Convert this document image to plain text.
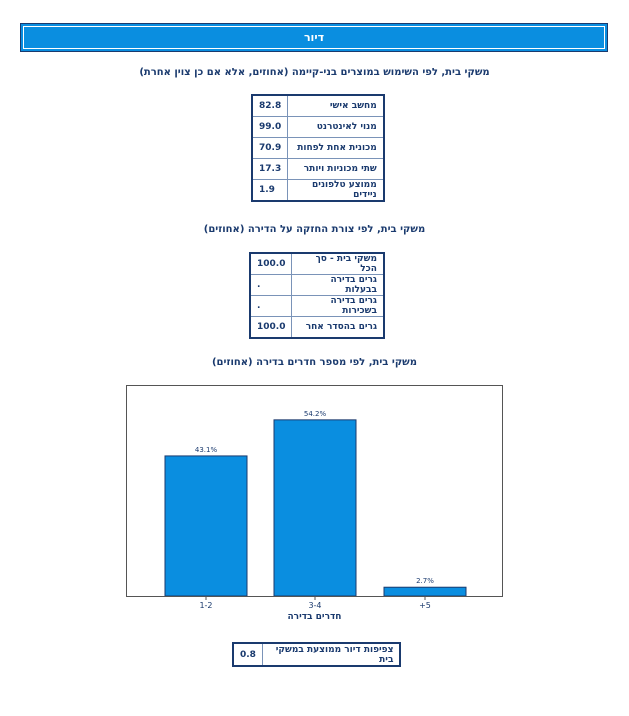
דיור
משקי בית, לפי השימוש במוצרים בני-קיימה (אחוזים, אלא אם כן צוין אחרת)
מחשב אישי	82.8
מנוי לאינטרנט	99.0
מכונית אחת לפחות	70.9
שתי מכוניות ויותר	17.3
ממוצע טלפונים ניידים	1.9
משקי בית, לפי צורת החזקה על הדירה (אחוזים)
משקי בית - סך הכל	100.0
גרים בדירה בבעלות	.
גרים בדירה בשכירות	.
גרים בהסדר אחר	100.0
משקי בית, לפי מספר חדרים בדירה (אחוזים)
43.1%
54.2%
2.7%
1-2	3-4	+5
חדרים בדירה
צפיפות דיור ממוצעת במשקי בית	0.8
